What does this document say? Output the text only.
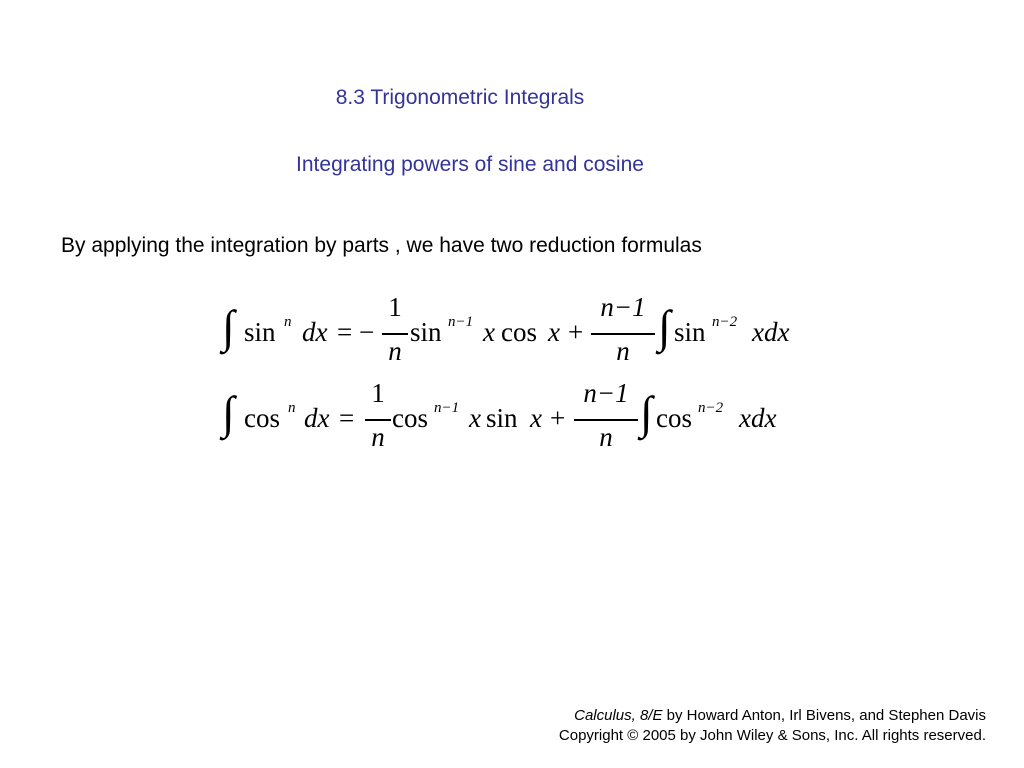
8.3 Trigonometric Integrals
Integrating powers of sine and cosine
By applying the integration by parts , we have two reduction formulas
∫ sin n dx = −
1
n
sin n−1 x cos x +
n−1
n ∫ sin n−2 xdx
∫ cos n dx =
1
n
cos n−1 x sin x +
n−1
n ∫ cos n−2 xdx
Calculus, 8/E by Howard Anton, Irl Bivens, and Stephen Davis
Copyright © 2005 by John Wiley & Sons, Inc. All rights reserved.
